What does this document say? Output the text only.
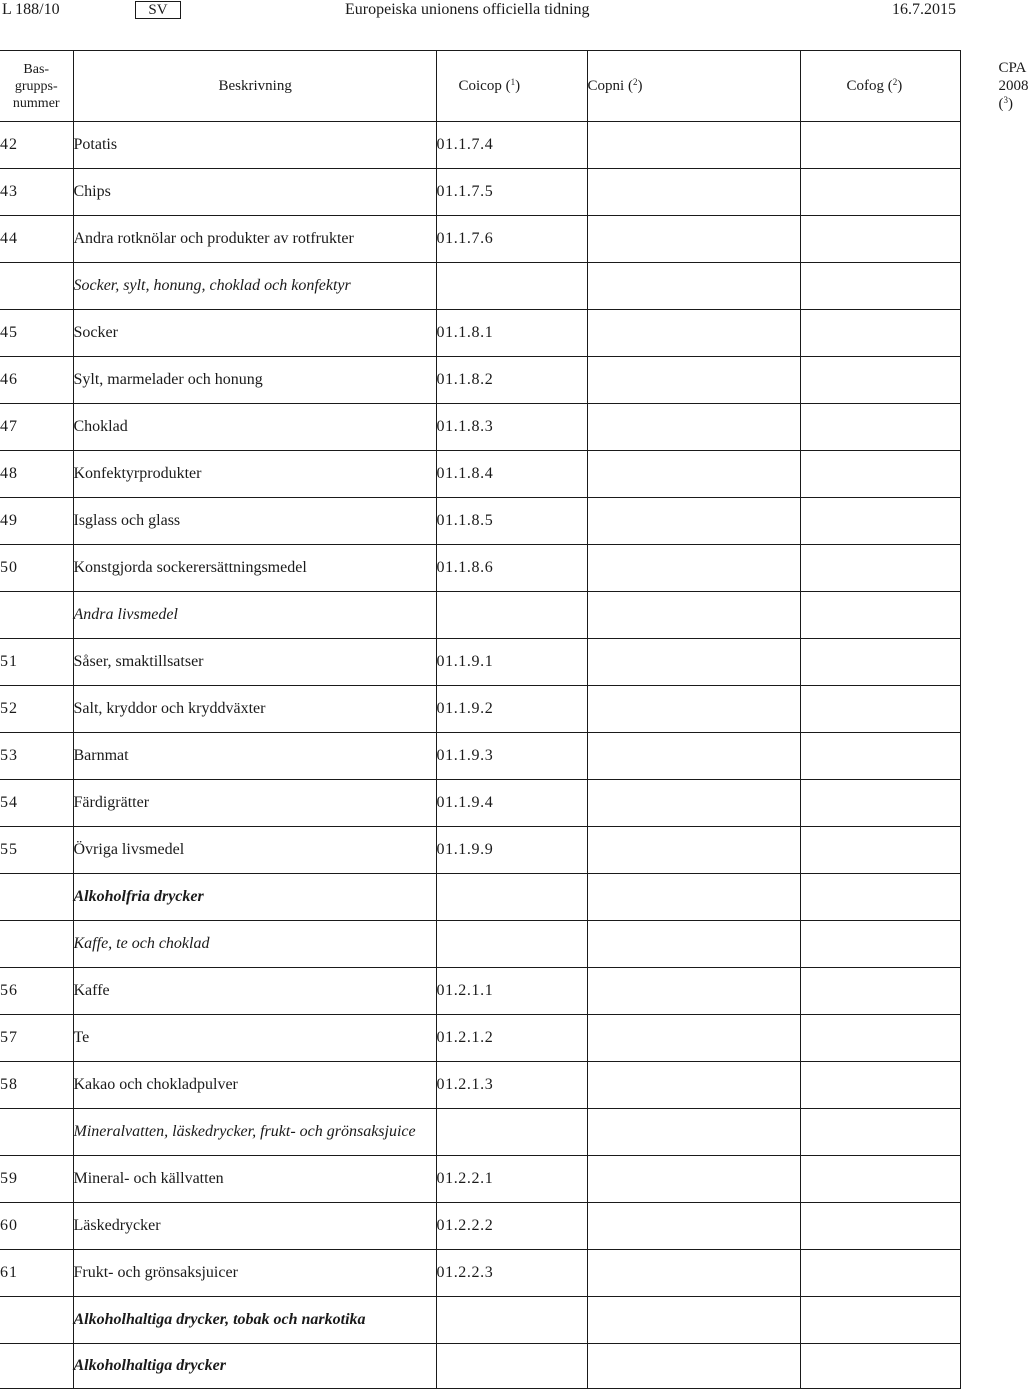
L 188/10	SV	Europeiska unionens officiella tidning	16.7.2015
Bas-
grupps-
nummer	Beskrivning	Coicop ($^1$)	Copni ($^2$)	Cofog ($^2$)	CPA 2008 ($^3$)
42	Potatis	01.1.7.4			
43	Chips	01.1.7.5			
44	Andra rotknölar och produkter av rotfrukter	01.1.7.6			
	Socker, sylt, honung, choklad och konfektyr				
45	Socker	01.1.8.1			
46	Sylt, marmelader och honung	01.1.8.2			
47	Choklad	01.1.8.3			
48	Konfektyrprodukter	01.1.8.4			
49	Isglass och glass	01.1.8.5			
50	Konstgjorda sockerersättningsmedel	01.1.8.6			
	Andra livsmedel				
51	Såser, smaktillsatser	01.1.9.1			
52	Salt, kryddor och kryddväxter	01.1.9.2			
53	Barnmat	01.1.9.3			
54	Färdigrätter	01.1.9.4			
55	Övriga livsmedel	01.1.9.9			
	Alkoholfria drycker				
	Kaffe, te och choklad				
56	Kaffe	01.2.1.1			
57	Te	01.2.1.2			
58	Kakao och chokladpulver	01.2.1.3			
	Mineralvatten, läskedrycker, frukt- och grönsaksjuice				
59	Mineral- och källvatten	01.2.2.1			
60	Läskedrycker	01.2.2.2			
61	Frukt- och grönsaksjuicer	01.2.2.3			
	Alkoholhaltiga drycker, tobak och narkotika				
	Alkoholhaltiga drycker				
